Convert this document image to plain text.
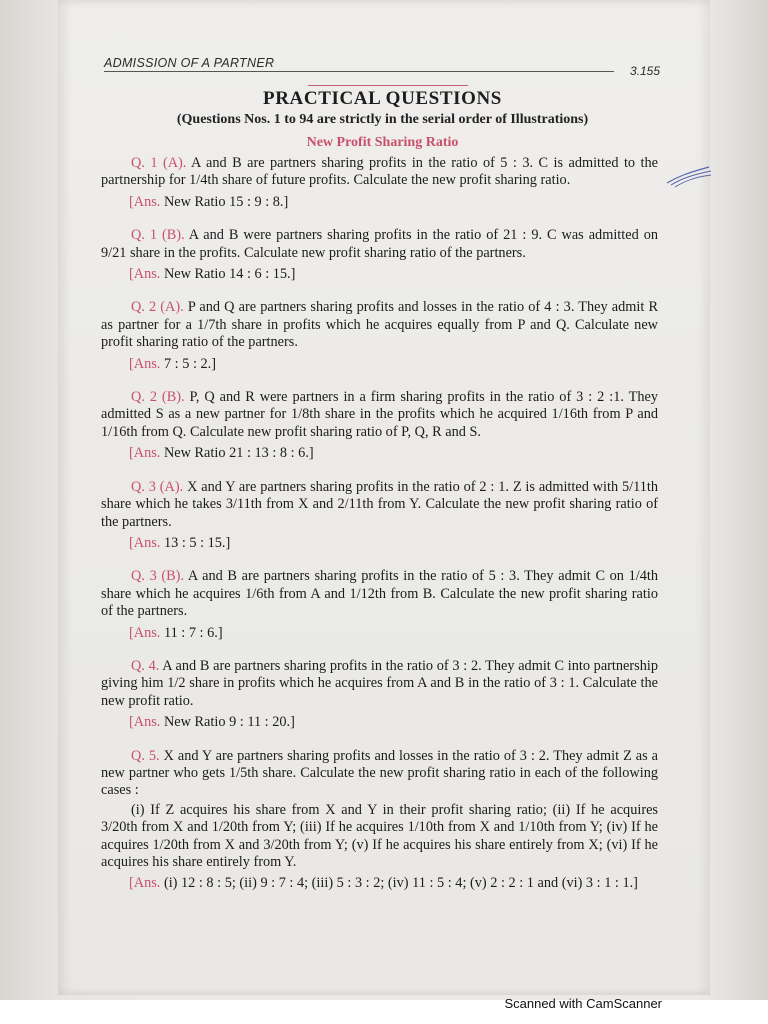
ADMISSION OF A PARTNER
3.155
PRACTICAL QUESTIONS
(Questions Nos. 1 to 94 are strictly in the serial order of Illustrations)
New Profit Sharing Ratio

Q. 1 (A). A and B are partners sharing profits in the ratio of 5 : 3. C is admitted to the partnership for 1/4th share of future profits. Calculate the new profit sharing ratio.

[Ans. New Ratio 15 : 9 : 8.]

Q. 1 (B). A and B were partners sharing profits in the ratio of 21 : 9. C was admitted on 9/21 share in the profits. Calculate new profit sharing ratio of the partners.

[Ans. New Ratio 14 : 6 : 15.]

Q. 2 (A). P and Q are partners sharing profits and losses in the ratio of 4 : 3. They admit R as partner for a 1/7th share in profits which he acquires equally from P and Q. Calculate new profit sharing ratio of the partners.

[Ans. 7 : 5 : 2.]

Q. 2 (B). P, Q and R were partners in a firm sharing profits in the ratio of 3 : 2 :1. They admitted S as a new partner for 1/8th share in the profits which he acquired 1/16th from P and 1/16th from Q. Calculate new profit sharing ratio of P, Q, R and S.

[Ans. New Ratio 21 : 13 : 8 : 6.]

Q. 3 (A). X and Y are partners sharing profits in the ratio of 2 : 1. Z is admitted with 5/11th share which he takes 3/11th from X and 2/11th from Y. Calculate the new profit sharing ratio of the partners.

[Ans. 13 : 5 : 15.]

Q. 3 (B). A and B are partners sharing profits in the ratio of 5 : 3. They admit C on 1/4th share which he acquires 1/6th from A and 1/12th from B. Calculate the new profit sharing ratio of the partners.

[Ans. 11 : 7 : 6.]

Q. 4. A and B are partners sharing profits in the ratio of 3 : 2. They admit C into partnership giving him 1/2 share in profits which he acquires from A and B in the ratio of 3 : 1. Calculate the new profit ratio.

[Ans. New Ratio 9 : 11 : 20.]

Q. 5. X and Y are partners sharing profits and losses in the ratio of 3 : 2. They admit Z as a new partner who gets 1/5th share. Calculate the new profit sharing ratio in each of the following cases :

(i) If Z acquires his share from X and Y in their profit sharing ratio; (ii) If he acquires 3/20th from X and 1/20th from Y; (iii) If he acquires 1/10th from X and 1/10th from Y; (iv) If he acquires 1/20th from X and 3/20th from Y; (v) If he acquires his share entirely from X; (vi) If he acquires his share entirely from Y.

[Ans. (i) 12 : 8 : 5; (ii) 9 : 7 : 4; (iii) 5 : 3 : 2; (iv) 11 : 5 : 4; (v) 2 : 2 : 1 and (vi) 3 : 1 : 1.]

Scanned with CamScanner
